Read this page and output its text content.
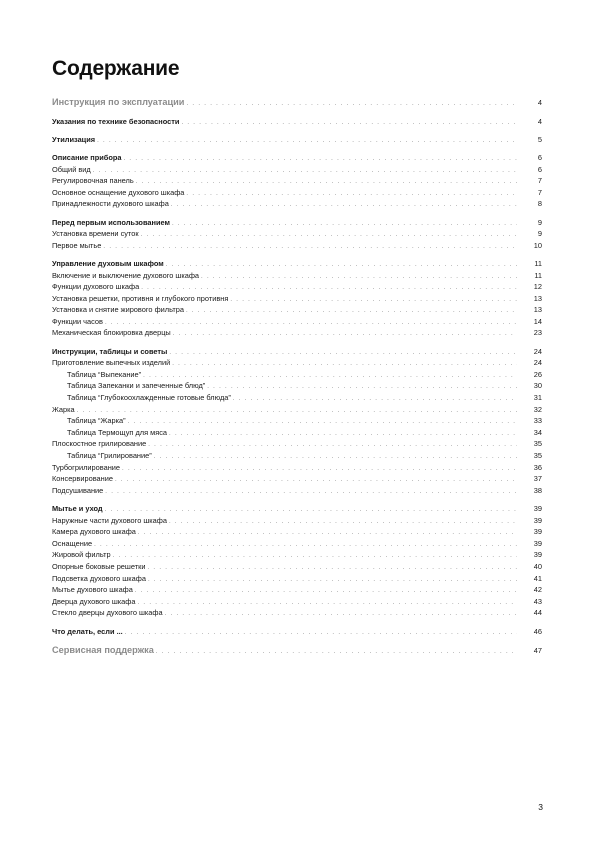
Содержание
Инструкция по эксплуатации . . .	4
Указания по технике безопасности . . .	4
Утилизация . . .	5
Описание прибора . . .	6
Общий вид . . .	6
Регулировочная панель . . .	7
Основное оснащение духового шкафа . . .	7
Принадлежности духового шкафа . . .	8
Перед первым использованием . . .	9
Установка времени суток . . .	9
Первое мытье . . .	10
Управление духовым шкафом . . .	11
Включение и выключение духового шкафа . . .	11
Функции духового шкафа . . .	12
Установка решетки, противня и глубокого противня . . .	13
Установка и снятие жирового фильтра . . .	13
Функции часов . . .	14
Механическая блокировка дверцы . . .	23
Инструкции, таблицы и советы . . .	24
Приготовление выпечных изделий . . .	24
Таблица “Выпекание” . . .	26
Таблица Запеканки и запеченные блюд” . . .	30
Таблица “Глубокоохлажденные готовые блюда” . . .	31
Жарка . . .	32
Таблица “Жарка” . . .	33
Таблица Термощуп для мяса . . .	34
Плоскостное грилирование . . .	35
Таблица “Грилирование” . . .	35
Турбогрилирование . . .	36
Консервирование . . .	37
Подсушивание . . .	38
Мытье и уход . . .	39
Наружные части духового шкафа . . .	39
Камера духового шкафа . . .	39
Оснащение . . .	39
Жировой фильтр . . .	39
Опорные боковые решетки . . .	40
Подсветка духового шкафа . . .	41
Мытье духового шкафа . . .	42
Дверца духового шкафа . . .	43
Стекло дверцы духового шкафа . . .	44
Что делать, если ... . . .	46
Сервисная поддержка . . .	47
3
